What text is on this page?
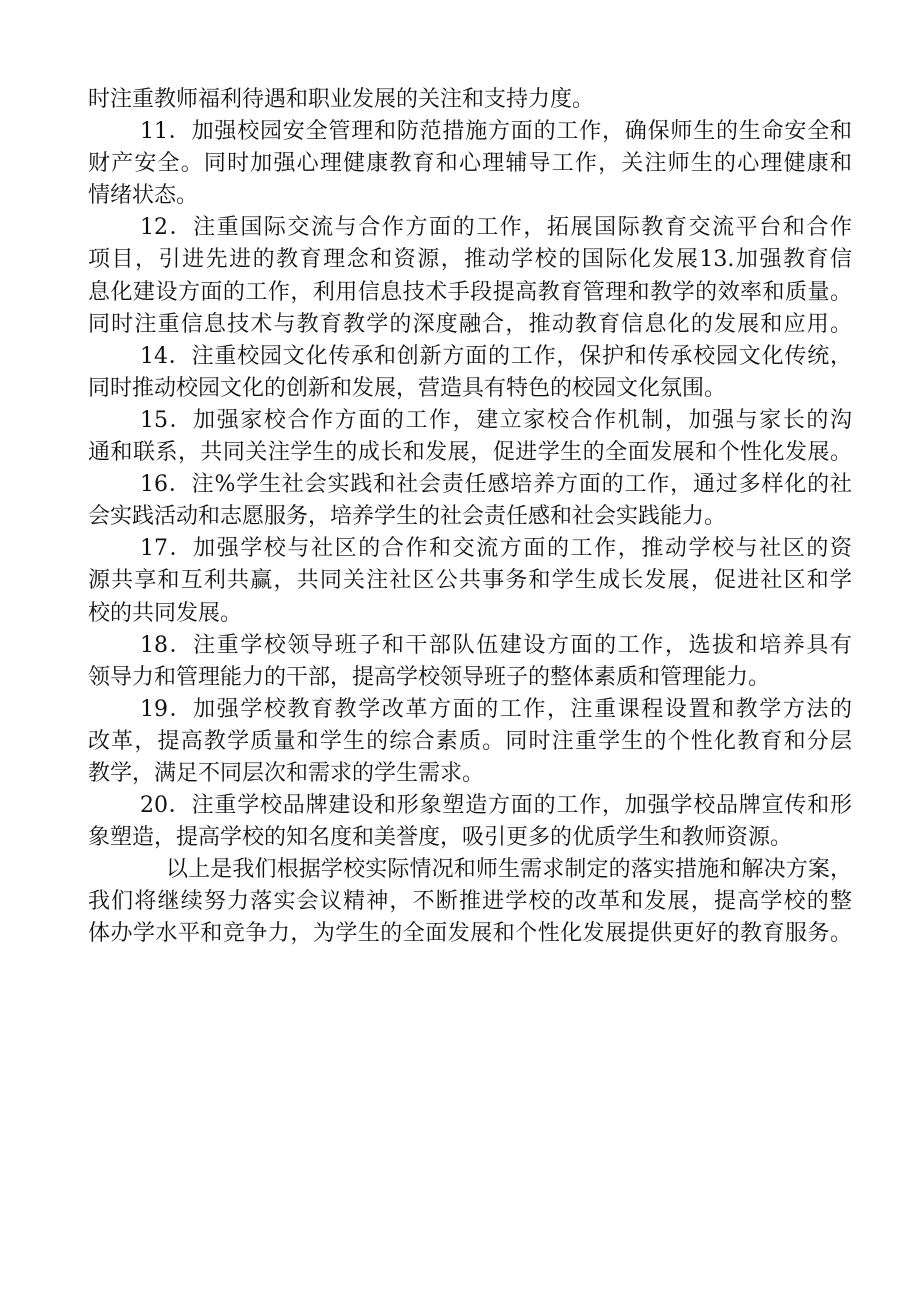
时注重教师福利待遇和职业发展的关注和支持力度。
11．加强校园安全管理和防范措施方面的工作，确保师生的生命安全和
财产安全。同时加强心理健康教育和心理辅导工作，关注师生的心理健康和
情绪状态。
12．注重国际交流与合作方面的工作，拓展国际教育交流平台和合作
项目，引进先进的教育理念和资源，推动学校的国际化发展13.加强教育信
息化建设方面的工作，利用信息技术手段提高教育管理和教学的效率和质量。
同时注重信息技术与教育教学的深度融合，推动教育信息化的发展和应用。
14．注重校园文化传承和创新方面的工作，保护和传承校园文化传统，
同时推动校园文化的创新和发展，营造具有特色的校园文化氛围。
15．加强家校合作方面的工作，建立家校合作机制，加强与家长的沟
通和联系，共同关注学生的成长和发展，促进学生的全面发展和个性化发展。
16．注%学生社会实践和社会责任感培养方面的工作，通过多样化的社
会实践活动和志愿服务，培养学生的社会责任感和社会实践能力。
17．加强学校与社区的合作和交流方面的工作，推动学校与社区的资
源共享和互利共赢，共同关注社区公共事务和学生成长发展，促进社区和学
校的共同发展。
18．注重学校领导班子和干部队伍建设方面的工作，选拔和培养具有
领导力和管理能力的干部，提高学校领导班子的整体素质和管理能力。
19．加强学校教育教学改革方面的工作，注重课程设置和教学方法的
改革，提高教学质量和学生的综合素质。同时注重学生的个性化教育和分层
教学，满足不同层次和需求的学生需求。
20．注重学校品牌建设和形象塑造方面的工作，加强学校品牌宣传和形
象塑造，提高学校的知名度和美誉度，吸引更多的优质学生和教师资源。
以上是我们根据学校实际情况和师生需求制定的落实措施和解决方案，
我们将继续努力落实会议精神，不断推进学校的改革和发展，提高学校的整
体办学水平和竞争力，为学生的全面发展和个性化发展提供更好的教育服务。
